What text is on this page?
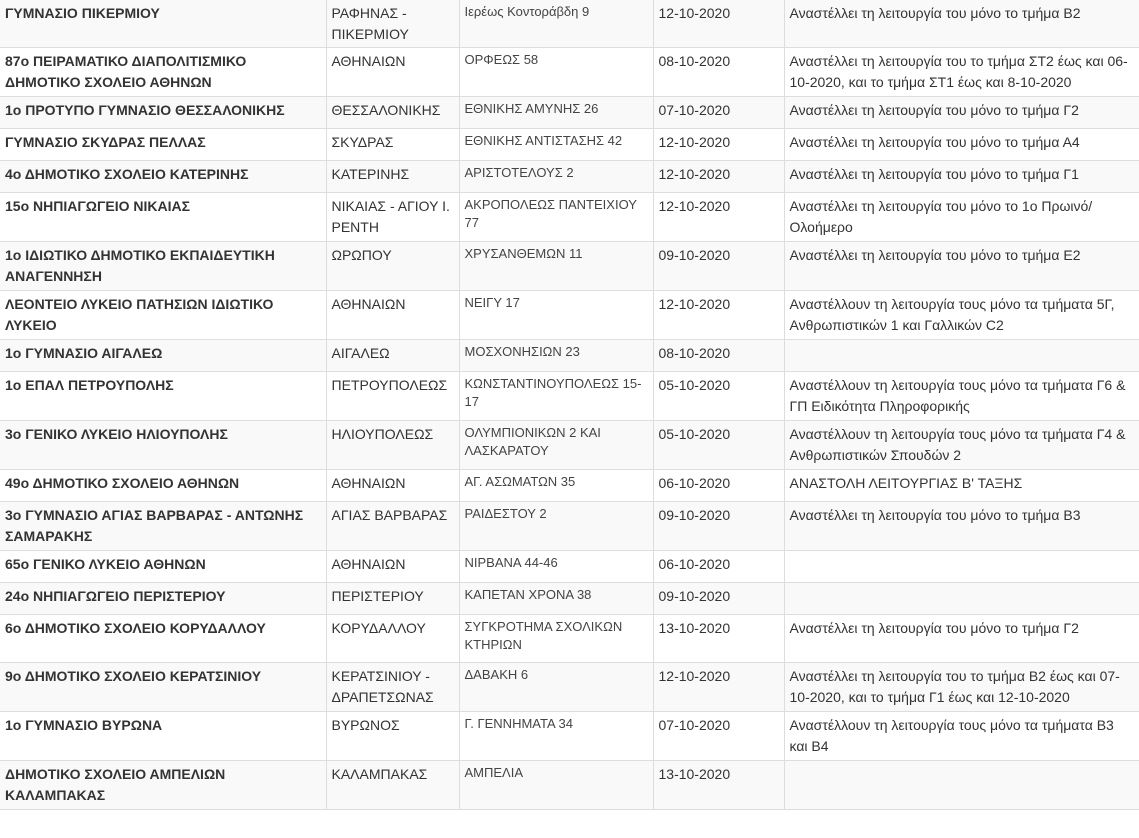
ΓΥΜΝΑΣΙΟ ΠΙΚΕΡΜΙΟΥ	ΡΑΦΗΝΑΣ - ΠΙΚΕΡΜΙΟΥ	Ιερέως Κοντοράβδη 9	12-10-2020	Αναστέλλει τη λειτουργία του μόνο το τμήμα Β2
87ο ΠΕΙΡΑΜΑΤΙΚΟ ΔΙΑΠΟΛΙΤΙΣΜΙΚΟ ΔΗΜΟΤΙΚΟ ΣΧΟΛΕΙΟ ΑΘΗΝΩΝ	ΑΘΗΝΑΙΩΝ	ΟΡΦΕΩΣ 58	08-10-2020	Αναστέλλει τη λειτουργία του το τμήμα ΣΤ2 έως και 06-10-2020, και το τμήμα ΣΤ1 έως και 8-10-2020
1ο ΠΡΟΤΥΠΟ ΓΥΜΝΑΣΙΟ ΘΕΣΣΑΛΟΝΙΚΗΣ	ΘΕΣΣΑΛΟΝΙΚΗΣ	ΕΘΝΙΚΗΣ ΑΜΥΝΗΣ 26	07-10-2020	Αναστέλλει τη λειτουργία του μόνο το τμήμα Γ2
ΓΥΜΝΑΣΙΟ ΣΚΥΔΡΑΣ ΠΕΛΛΑΣ	ΣΚΥΔΡΑΣ	ΕΘΝΙΚΗΣ ΑΝΤΙΣΤΑΣΗΣ 42	12-10-2020	Αναστέλλει τη λειτουργία του μόνο το τμήμα Α4
4ο ΔΗΜΟΤΙΚΟ ΣΧΟΛΕΙΟ ΚΑΤΕΡΙΝΗΣ	ΚΑΤΕΡΙΝΗΣ	ΑΡΙΣΤΟΤΕΛΟΥΣ 2	12-10-2020	Αναστέλλει τη λειτουργία του μόνο το τμήμα Γ1
15ο ΝΗΠΙΑΓΩΓΕΙΟ ΝΙΚΑΙΑΣ	ΝΙΚΑΙΑΣ - ΑΓΙΟΥ Ι. ΡΕΝΤΗ	ΑΚΡΟΠΟΛΕΩΣ ΠΑΝΤΕΙΧΙΟΥ 77	12-10-2020	Αναστέλλει τη λειτουργία του μόνο το 1ο Πρωινό/ Ολοήμερο
1ο ΙΔΙΩΤΙΚΟ ΔΗΜΟΤΙΚΟ ΕΚΠΑΙΔΕΥΤΙΚΗ ΑΝΑΓΕΝΝΗΣΗ	ΩΡΩΠΟΥ	ΧΡΥΣΑΝΘΕΜΩΝ 11	09-10-2020	Αναστέλλει τη λειτουργία του μόνο το τμήμα Ε2
ΛΕΟΝΤΕΙΟ ΛΥΚΕΙΟ ΠΑΤΗΣΙΩΝ ΙΔΙΩΤΙΚΟ ΛΥΚΕΙΟ	ΑΘΗΝΑΙΩΝ	ΝΕΙΓΥ 17	12-10-2020	Αναστέλλουν τη λειτουργία τους μόνο τα τμήματα 5Γ, Ανθρωπιστικών 1 και Γαλλικών C2
1ο ΓΥΜΝΑΣΙΟ ΑΙΓΑΛΕΩ	ΑΙΓΑΛΕΩ	ΜΟΣΧΟΝΗΣΙΩΝ 23	08-10-2020	
1ο ΕΠΑΛ ΠΕΤΡΟΥΠΟΛΗΣ	ΠΕΤΡΟΥΠΟΛΕΩΣ	ΚΩΝΣΤΑΝΤΙΝΟΥΠΟΛΕΩΣ 15-17	05-10-2020	Αναστέλλουν τη λειτουργία τους μόνο τα τμήματα Γ6 & ΓΠ Ειδικότητα Πληροφορικής
3ο ΓΕΝΙΚΟ ΛΥΚΕΙΟ ΗΛΙΟΥΠΟΛΗΣ	ΗΛΙΟΥΠΟΛΕΩΣ	ΟΛΥΜΠΙΟΝΙΚΩΝ 2 ΚΑΙ ΛΑΣΚΑΡΑΤΟΥ	05-10-2020	Αναστέλλουν τη λειτουργία τους μόνο τα τμήματα Γ4 & Ανθρωπιστικών Σπουδών 2
49ο ΔΗΜΟΤΙΚΟ ΣΧΟΛΕΙΟ ΑΘΗΝΩΝ	ΑΘΗΝΑΙΩΝ	ΑΓ. ΑΣΩΜΑΤΩΝ 35	06-10-2020	ΑΝΑΣΤΟΛΗ ΛΕΙΤΟΥΡΓΙΑΣ Β' ΤΑΞΗΣ
3ο ΓΥΜΝΑΣΙΟ ΑΓΙΑΣ ΒΑΡΒΑΡΑΣ - ΑΝΤΩΝΗΣ ΣΑΜΑΡΑΚΗΣ	ΑΓΙΑΣ ΒΑΡΒΑΡΑΣ	ΡΑΙΔΕΣΤΟΥ 2	09-10-2020	Αναστέλλει τη λειτουργία του μόνο το τμήμα Β3
65ο ΓΕΝΙΚΟ ΛΥΚΕΙΟ ΑΘΗΝΩΝ	ΑΘΗΝΑΙΩΝ	ΝΙΡΒΑΝΑ 44-46	06-10-2020	
24ο ΝΗΠΙΑΓΩΓΕΙΟ ΠΕΡΙΣΤΕΡΙΟΥ	ΠΕΡΙΣΤΕΡΙΟΥ	ΚΑΠΕΤΑΝ ΧΡΟΝΑ 38	09-10-2020	
6ο ΔΗΜΟΤΙΚΟ ΣΧΟΛΕΙΟ ΚΟΡΥΔΑΛΛΟΥ	ΚΟΡΥΔΑΛΛΟΥ	ΣΥΓΚΡΟΤΗΜΑ ΣΧΟΛΙΚΩΝ ΚΤΗΡΙΩΝ	13-10-2020	Αναστέλλει τη λειτουργία του μόνο το τμήμα Γ2
9ο ΔΗΜΟΤΙΚΟ ΣΧΟΛΕΙΟ ΚΕΡΑΤΣΙΝΙΟΥ	ΚΕΡΑΤΣΙΝΙΟΥ - ΔΡΑΠΕΤΣΩΝΑΣ	ΔΑΒΑΚΗ 6	12-10-2020	Αναστέλλει τη λειτουργία του το τμήμα Β2 έως και 07-10-2020, και το τμήμα Γ1 έως και 12-10-2020
1ο ΓΥΜΝΑΣΙΟ ΒΥΡΩΝΑ	ΒΥΡΩΝΟΣ	Γ. ΓΕΝΝΗΜΑΤΑ 34	07-10-2020	Αναστέλλουν τη λειτουργία τους μόνο τα τμήματα Β3 και Β4
ΔΗΜΟΤΙΚΟ ΣΧΟΛΕΙΟ ΑΜΠΕΛΙΩΝ ΚΑΛΑΜΠΑΚΑΣ	ΚΑΛΑΜΠΑΚΑΣ	ΑΜΠΕΛΙΑ	13-10-2020	
